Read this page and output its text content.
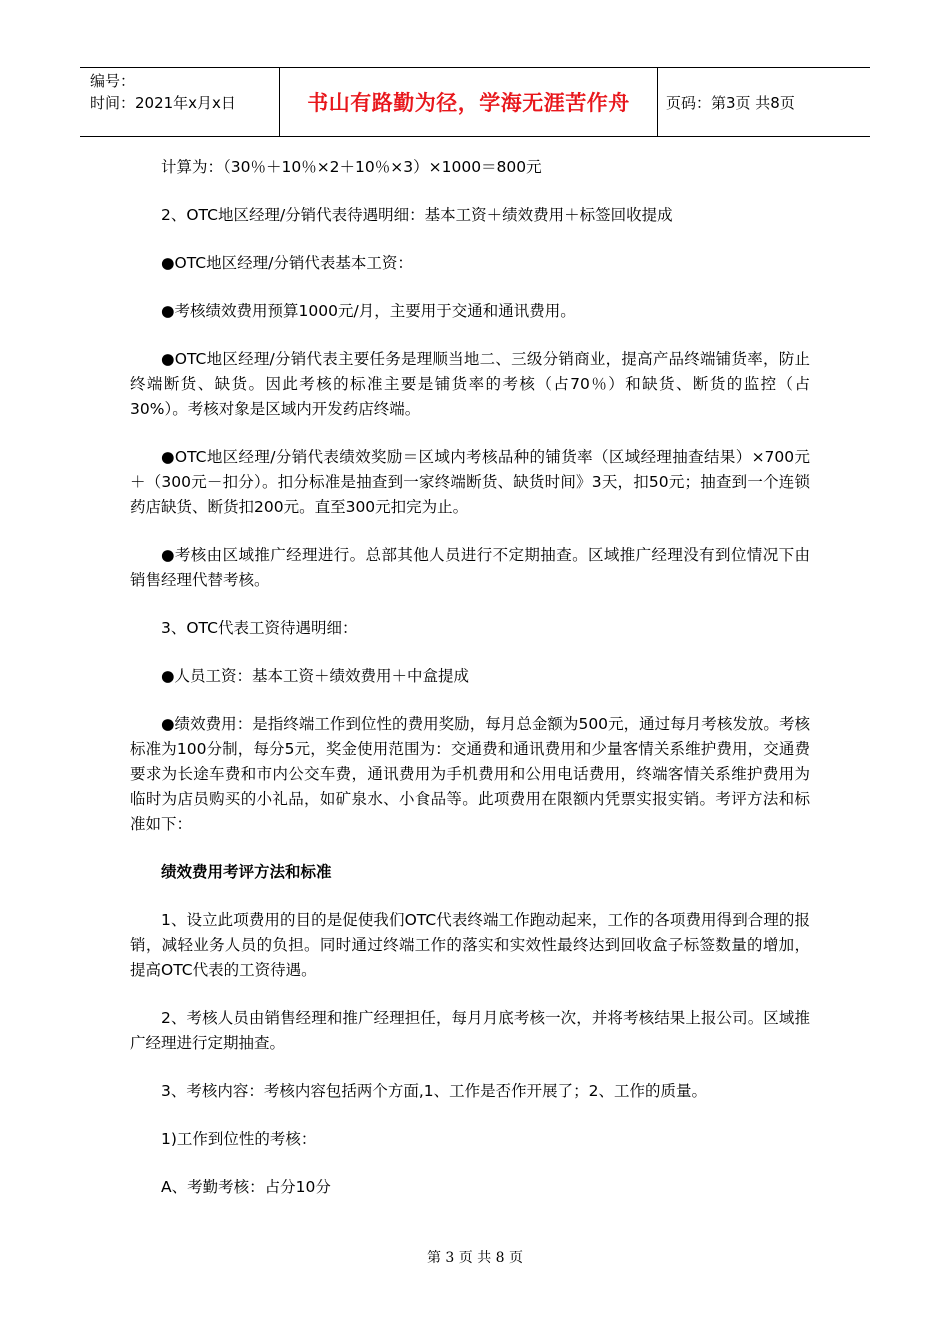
编号：
时间：2021年x月x日	书山有路勤为径，学海无涯苦作舟	页码：第3页 共8页

计算为：（30％＋10％×2＋10％×3）×1000＝800元

2、OTC地区经理/分销代表待遇明细：基本工资＋绩效费用＋标签回收提成

●OTC地区经理/分销代表基本工资：

●考核绩效费用预算1000元/月，主要用于交通和通讯费用。

●OTC地区经理/分销代表主要任务是理顺当地二、三级分销商业，提高产品终端铺货率，防止终端断货、缺货。因此考核的标准主要是铺货率的考核（占70％）和缺货、断货的监控（占30%）。考核对象是区域内开发药店终端。

●OTC地区经理/分销代表绩效奖励＝区域内考核品种的铺货率（区域经理抽查结果）×700元＋（300元－扣分）。扣分标准是抽查到一家终端断货、缺货时间》3天，扣50元；抽查到一个连锁药店缺货、断货扣200元。直至300元扣完为止。

●考核由区域推广经理进行。总部其他人员进行不定期抽查。区域推广经理没有到位情况下由销售经理代替考核。

3、OTC代表工资待遇明细：

●人员工资：基本工资＋绩效费用＋中盒提成

●绩效费用：是指终端工作到位性的费用奖励，每月总金额为500元，通过每月考核发放。考核标准为100分制，每分5元，奖金使用范围为：交通费和通讯费用和少量客情关系维护费用，交通费要求为长途车费和市内公交车费，通讯费用为手机费用和公用电话费用，终端客情关系维护费用为临时为店员购买的小礼品，如矿泉水、小食品等。此项费用在限额内凭票实报实销。考评方法和标准如下：

绩效费用考评方法和标准

1、设立此项费用的目的是促使我们OTC代表终端工作跑动起来，工作的各项费用得到合理的报销，减轻业务人员的负担。同时通过终端工作的落实和实效性最终达到回收盒子标签数量的增加，提高OTC代表的工资待遇。

2、考核人员由销售经理和推广经理担任，每月月底考核一次，并将考核结果上报公司。区域推广经理进行定期抽查。

3、考核内容：考核内容包括两个方面,1、工作是否作开展了；2、工作的质量。

1)工作到位性的考核：

A、考勤考核：占分10分

第 3 页 共 8 页
